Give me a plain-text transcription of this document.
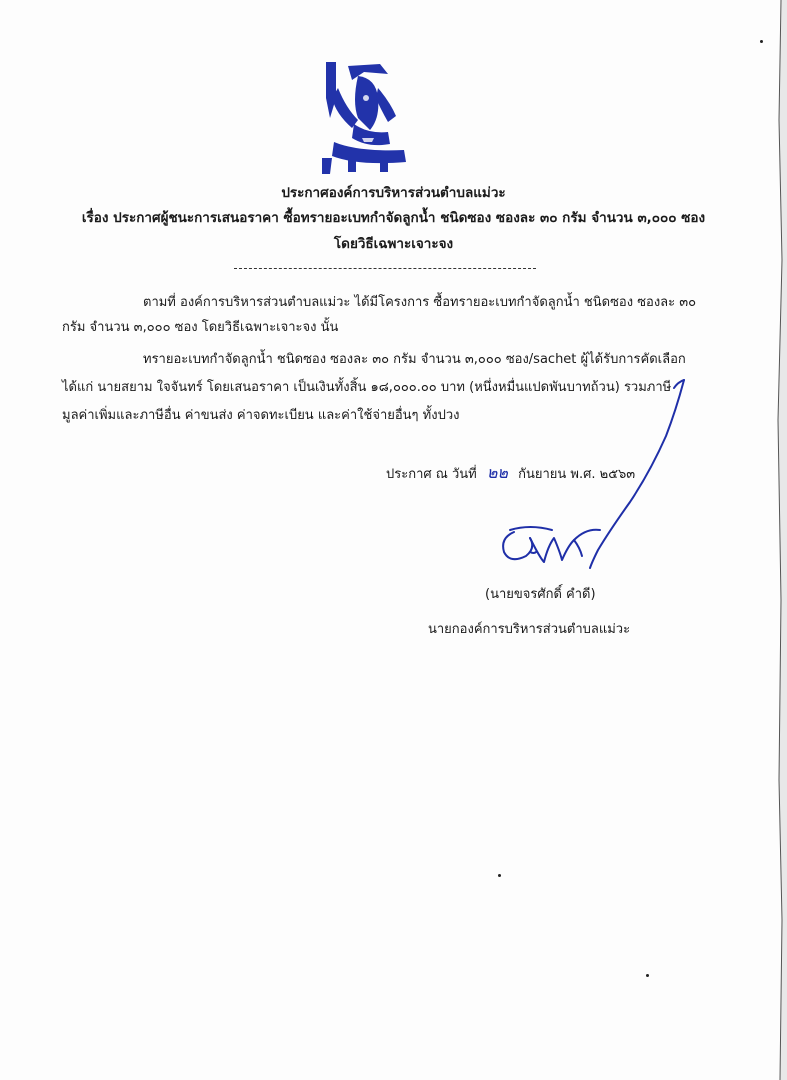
ประกาศองค์การบริหารส่วนตำบลแม่วะ
เรื่อง ประกาศผู้ชนะการเสนอราคา ซื้อทรายอะเบทกำจัดลูกน้ำ ชนิดซอง ซองละ ๓๐ กรัม จำนวน ๓,๐๐๐ ซอง
โดยวิธีเฉพาะเจาะจง
ตามที่ องค์การบริหารส่วนตำบลแม่วะ ได้มีโครงการ ซื้อทรายอะเบทกำจัดลูกน้ำ ชนิดซอง ซองละ ๓๐
กรัม จำนวน ๓,๐๐๐ ซอง โดยวิธีเฉพาะเจาะจง นั้น
ทรายอะเบทกำจัดลูกน้ำ ชนิดซอง ซองละ ๓๐ กรัม จำนวน ๓,๐๐๐ ซอง/sachet ผู้ได้รับการคัดเลือก
ได้แก่ นายสยาม ใจจันทร์ โดยเสนอราคา เป็นเงินทั้งสิ้น ๑๘,๐๐๐.๐๐ บาท (หนึ่งหมื่นแปดพันบาทถ้วน) รวมภาษี
มูลค่าเพิ่มและภาษีอื่น ค่าขนส่ง ค่าจดทะเบียน และค่าใช้จ่ายอื่นๆ ทั้งปวง
ประกาศ ณ วันที่ ๒๒ กันยายน พ.ศ. ๒๕๖๓
(นายขจรศักดิ์ คำดี)
นายกองค์การบริหารส่วนตำบลแม่วะ
